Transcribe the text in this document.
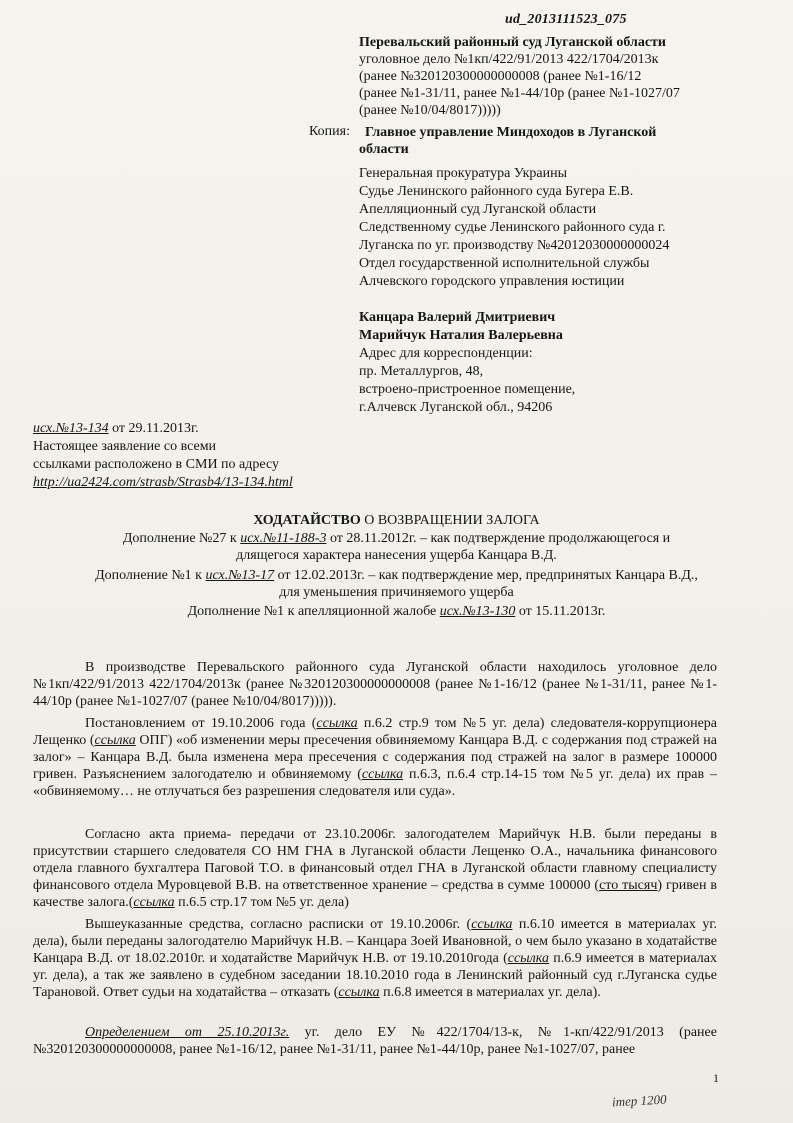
ud_2013111523_075
Перевальский районный суд Луганской области
уголовное дело №1кп/422/91/2013 422/1704/2013к
(ранее №320120300000000008 (ранее №1-16/12
(ранее №1-31/11, ранее №1-44/10р (ранее №1-1027/07
(ранее №10/04/8017)))))
Копия: Главное управление Миндоходов в Луганской
области
Генеральная прокуратура Украины
Судье Ленинского районного суда Бугера Е.В.
Апелляционный суд Луганской области
Следственному судье Ленинского районного суда г.
Луганска по уг. производству №42012030000000024
Отдел государственной исполнительной службы
Алчевского городского управления юстиции
Канцара Валерий Дмитриевич
Марийчук Наталия Валерьевна
Адрес для корреспонденции:
пр. Металлургов, 48,
встроено-пристроенное помещение,
г.Алчевск Луганской обл., 94206
исх.№13-134 от 29.11.2013г.
Настоящее заявление со всеми
ссылками расположено в СМИ по адресу
http://ua2424.com/strasb/Strasb4/13-134.html
ХОДАТАЙСТВО О ВОЗВРАЩЕНИИ ЗАЛОГА
Дополнение №27 к исх.№11-188-3 от 28.11.2012г. – как подтверждение продолжающегося и
длящегося характера нанесения ущерба Канцара В.Д.
Дополнение №1 к исх.№13-17 от 12.02.2013г. – как подтверждение мер, предпринятых Канцара В.Д.,
для уменьшения причиняемого ущерба
Дополнение №1 к апелляционной жалобе исх.№13-130 от 15.11.2013г.
В производстве Перевальского районного суда Луганской области находилось уголовное дело №1кп/422/91/2013 422/1704/2013к (ранее №320120300000000008 (ранее №1-16/12 (ранее №1-31/11, ранее №1-44/10р (ранее №1-1027/07 (ранее №10/04/8017))))).
Постановлением от 19.10.2006 года (ссылка п.6.2 стр.9 том №5 уг. дела) следователя-коррупционера Лещенко (ссылка ОПГ) «об изменении меры пресечения обвиняемому Канцара В.Д. с содержания под стражей на залог» – Канцара В.Д. была изменена мера пресечения с содержания под стражей на залог в размере 100000 гривен. Разъяснением залогодателю и обвиняемому (ссылка п.6.3, п.6.4 стр.14-15 том №5 уг. дела) их прав – «обвиняемому… не отлучаться без разрешения следователя или суда».
Согласно акта приема- передачи от 23.10.2006г. залогодателем Марийчук Н.В. были переданы в присутствии старшего следователя СО НМ ГНА в Луганской области Лещенко О.А., начальника финансового отдела главного бухгалтера Паговой Т.О. в финансовый отдел ГНА в Луганской области главному специалисту финансового отдела Муровцевой В.В. на ответственное хранение – средства в сумме 100000 (сто тысяч) гривен в качестве залога.(ссылка п.6.5 стр.17 том №5 уг. дела)
Вышеуказанные средства, согласно расписки от 19.10.2006г. (ссылка п.6.10 имеется в материалах уг. дела), были переданы залогодателю Марийчук Н.В. – Канцара Зоей Ивановной, о чем было указано в ходатайстве Канцара В.Д. от 18.02.2010г. и ходатайстве Марийчук Н.В. от 19.10.2010года (ссылка п.6.9 имеется в материалах уг. дела), а так же заявлено в судебном заседании 18.10.2010 года в Ленинский районный суд г.Луганска судье Тарановой. Ответ судьи на ходатайства – отказать (ссылка п.6.8 имеется в материалах уг. дела).
Определением от 25.10.2013г. уг. дело ЕУ №422/1704/13-к, №1-кп/422/91/2013 (ранее №320120300000000008, ранее №1-16/12, ранее №1-31/11, ранее №1-44/10р, ранее №1-1027/07, ранее
1
ітер 1200
